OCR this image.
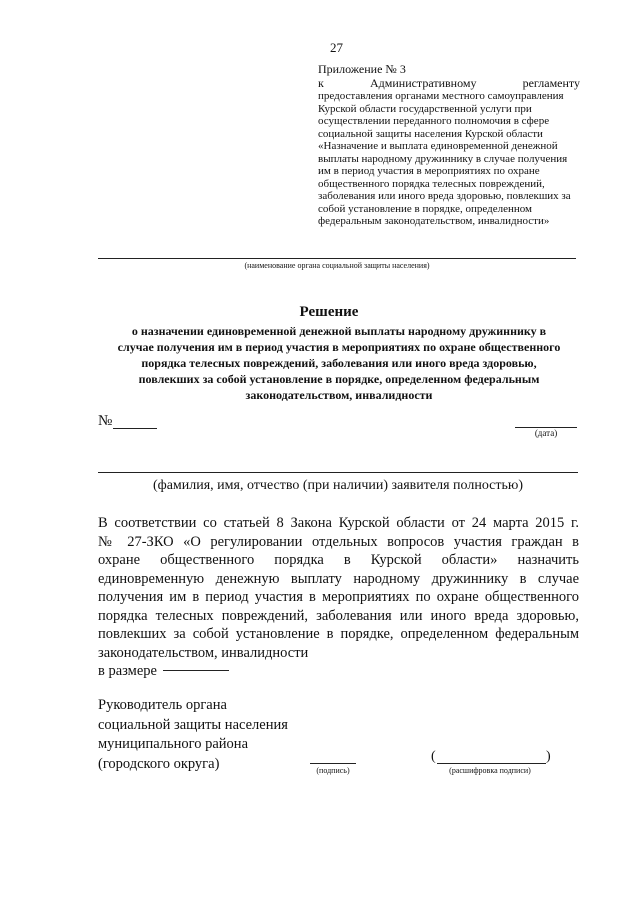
27
Приложение № 3
к Административному регламенту
предоставления органами местного самоуправления
Курской области государственной услуги при
осуществлении переданного полномочия в сфере
социальной защиты населения Курской области
«Назначение и выплата единовременной денежной
выплаты народному дружиннику в случае получения
им в период участия в мероприятиях по охране
общественного порядка телесных повреждений,
заболевания или иного вреда здоровью, повлекших за
собой установление в порядке, определенном
федеральным законодательством, инвалидности»
(наименование органа социальной защиты населения)
Решение
о назначении единовременной денежной выплаты народному дружиннику в
случае получения им в период участия в мероприятиях по охране общественного
порядка телесных повреждений, заболевания или иного вреда здоровью,
повлекших за собой установление в порядке, определенном федеральным
законодательством, инвалидности
№
(дата)
(фамилия, имя, отчество (при наличии) заявителя полностью)
В соответствии со статьей 8 Закона Курской области от 24 марта 2015 г.
№ 27-ЗКО «О регулировании отдельных вопросов участия граждан в
охране общественного порядка в Курской области» назначить
единовременную денежную выплату народному дружиннику в случае
получения им в период участия в мероприятиях по охране общественного
порядка телесных повреждений, заболевания или иного вреда здоровью,
повлекших за собой установление в порядке, определенном федеральным
законодательством, инвалидности
в размере
Руководитель органа
социальной защиты населения
муниципального района
(городского округа)	(подпись)
(	)
(расшифровка подписи)
